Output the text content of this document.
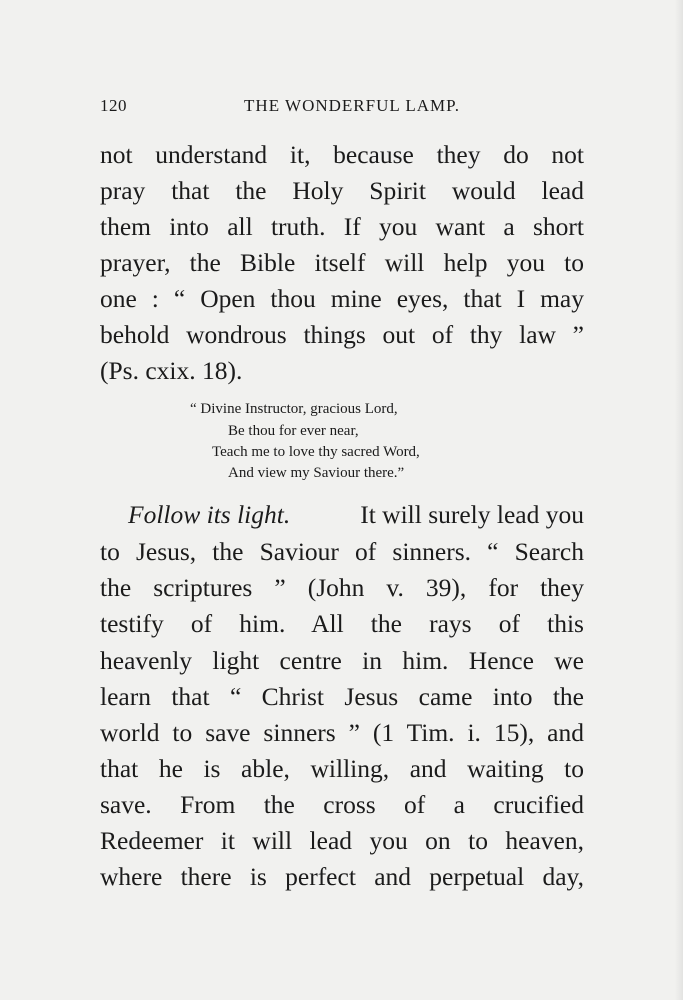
120	THE WONDERFUL LAMP.
not understand it, because they do not
pray that the Holy Spirit would lead
them into all truth. If you want a short
prayer, the Bible itself will help you to
one : “ Open thou mine eyes, that I may
behold wondrous things out of thy law ”
(Ps. cxix. 18).
“ Divine Instructor, gracious Lord,
Be thou for ever near,
Teach me to love thy sacred Word,
And view my Saviour there.”
Follow its light.	It will surely lead you
to Jesus, the Saviour of sinners. “ Search
the scriptures ” (John v. 39), for they
testify of him. All the rays of this
heavenly light centre in him. Hence we
learn that “ Christ Jesus came into the
world to save sinners ” (1 Tim. i. 15), and
that he is able, willing, and waiting to
save. From the cross of a crucified
Redeemer it will lead you on to heaven,
where there is perfect and perpetual day,
